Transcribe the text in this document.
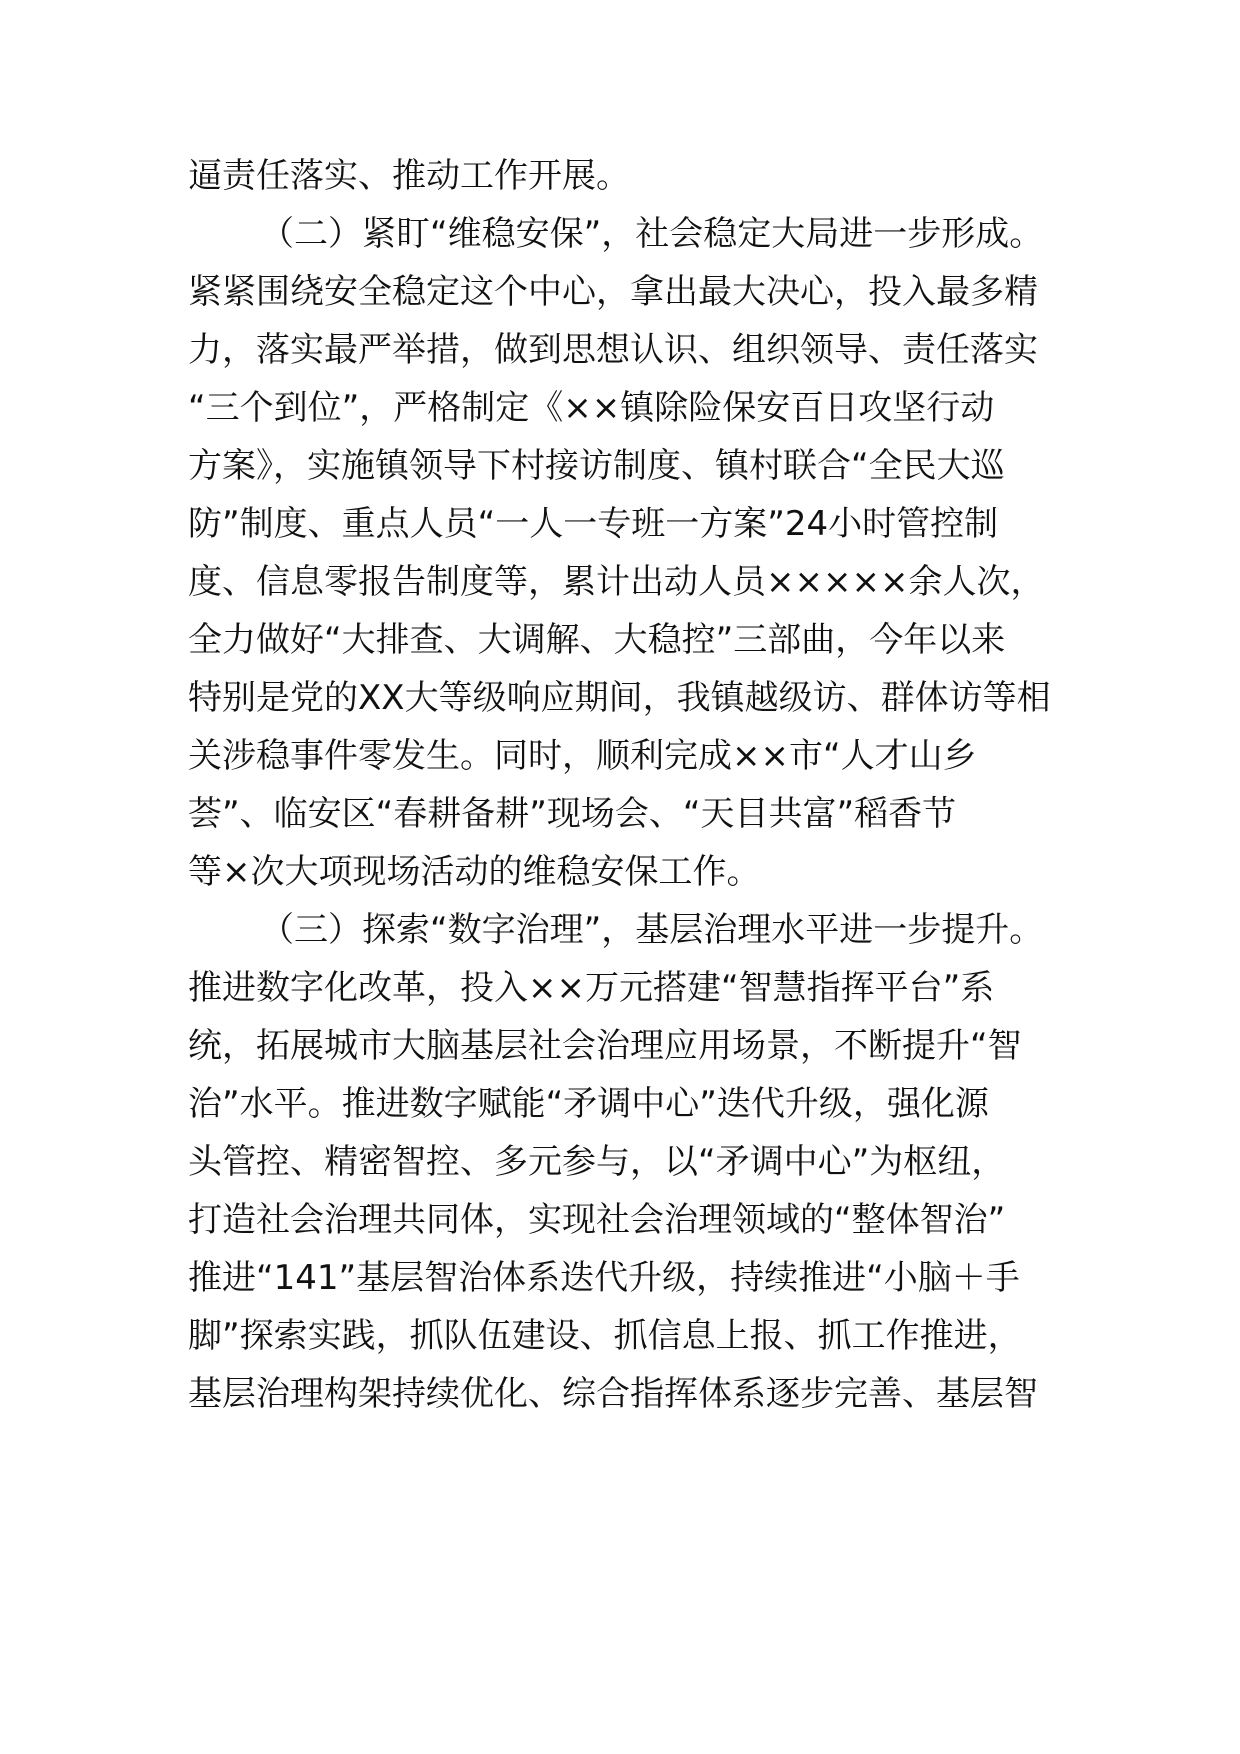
逼责任落实、推动工作开展。
（二）紧盯“维稳安保”，社会稳定大局进一步形成。
紧紧围绕安全稳定这个中心，拿出最大决心，投入最多精
力，落实最严举措，做到思想认识、组织领导、责任落实
“三个到位”，严格制定《××镇除险保安百日攻坚行动
方案》，实施镇领导下村接访制度、镇村联合“全民大巡
防”制度、重点人员“一人一专班一方案”24小时管控制
度、信息零报告制度等，累计出动人员×××××余人次，
全力做好“大排查、大调解、大稳控”三部曲，今年以来
特别是党的XX大等级响应期间，我镇越级访、群体访等相
关涉稳事件零发生。同时，顺利完成××市“人才山乡
荟”、临安区“春耕备耕”现场会、“天目共富”稻香节
等×次大项现场活动的维稳安保工作。
（三）探索“数字治理”，基层治理水平进一步提升。
推进数字化改革，投入××万元搭建“智慧指挥平台”系
统，拓展城市大脑基层社会治理应用场景，不断提升“智
治”水平。推进数字赋能“矛调中心”迭代升级，强化源
头管控、精密智控、多元参与，以“矛调中心”为枢纽，
打造社会治理共同体，实现社会治理领域的“整体智治”
推进“141”基层智治体系迭代升级，持续推进“小脑＋手
脚”探索实践，抓队伍建设、抓信息上报、抓工作推进，
基层治理构架持续优化、综合指挥体系逐步完善、基层智
